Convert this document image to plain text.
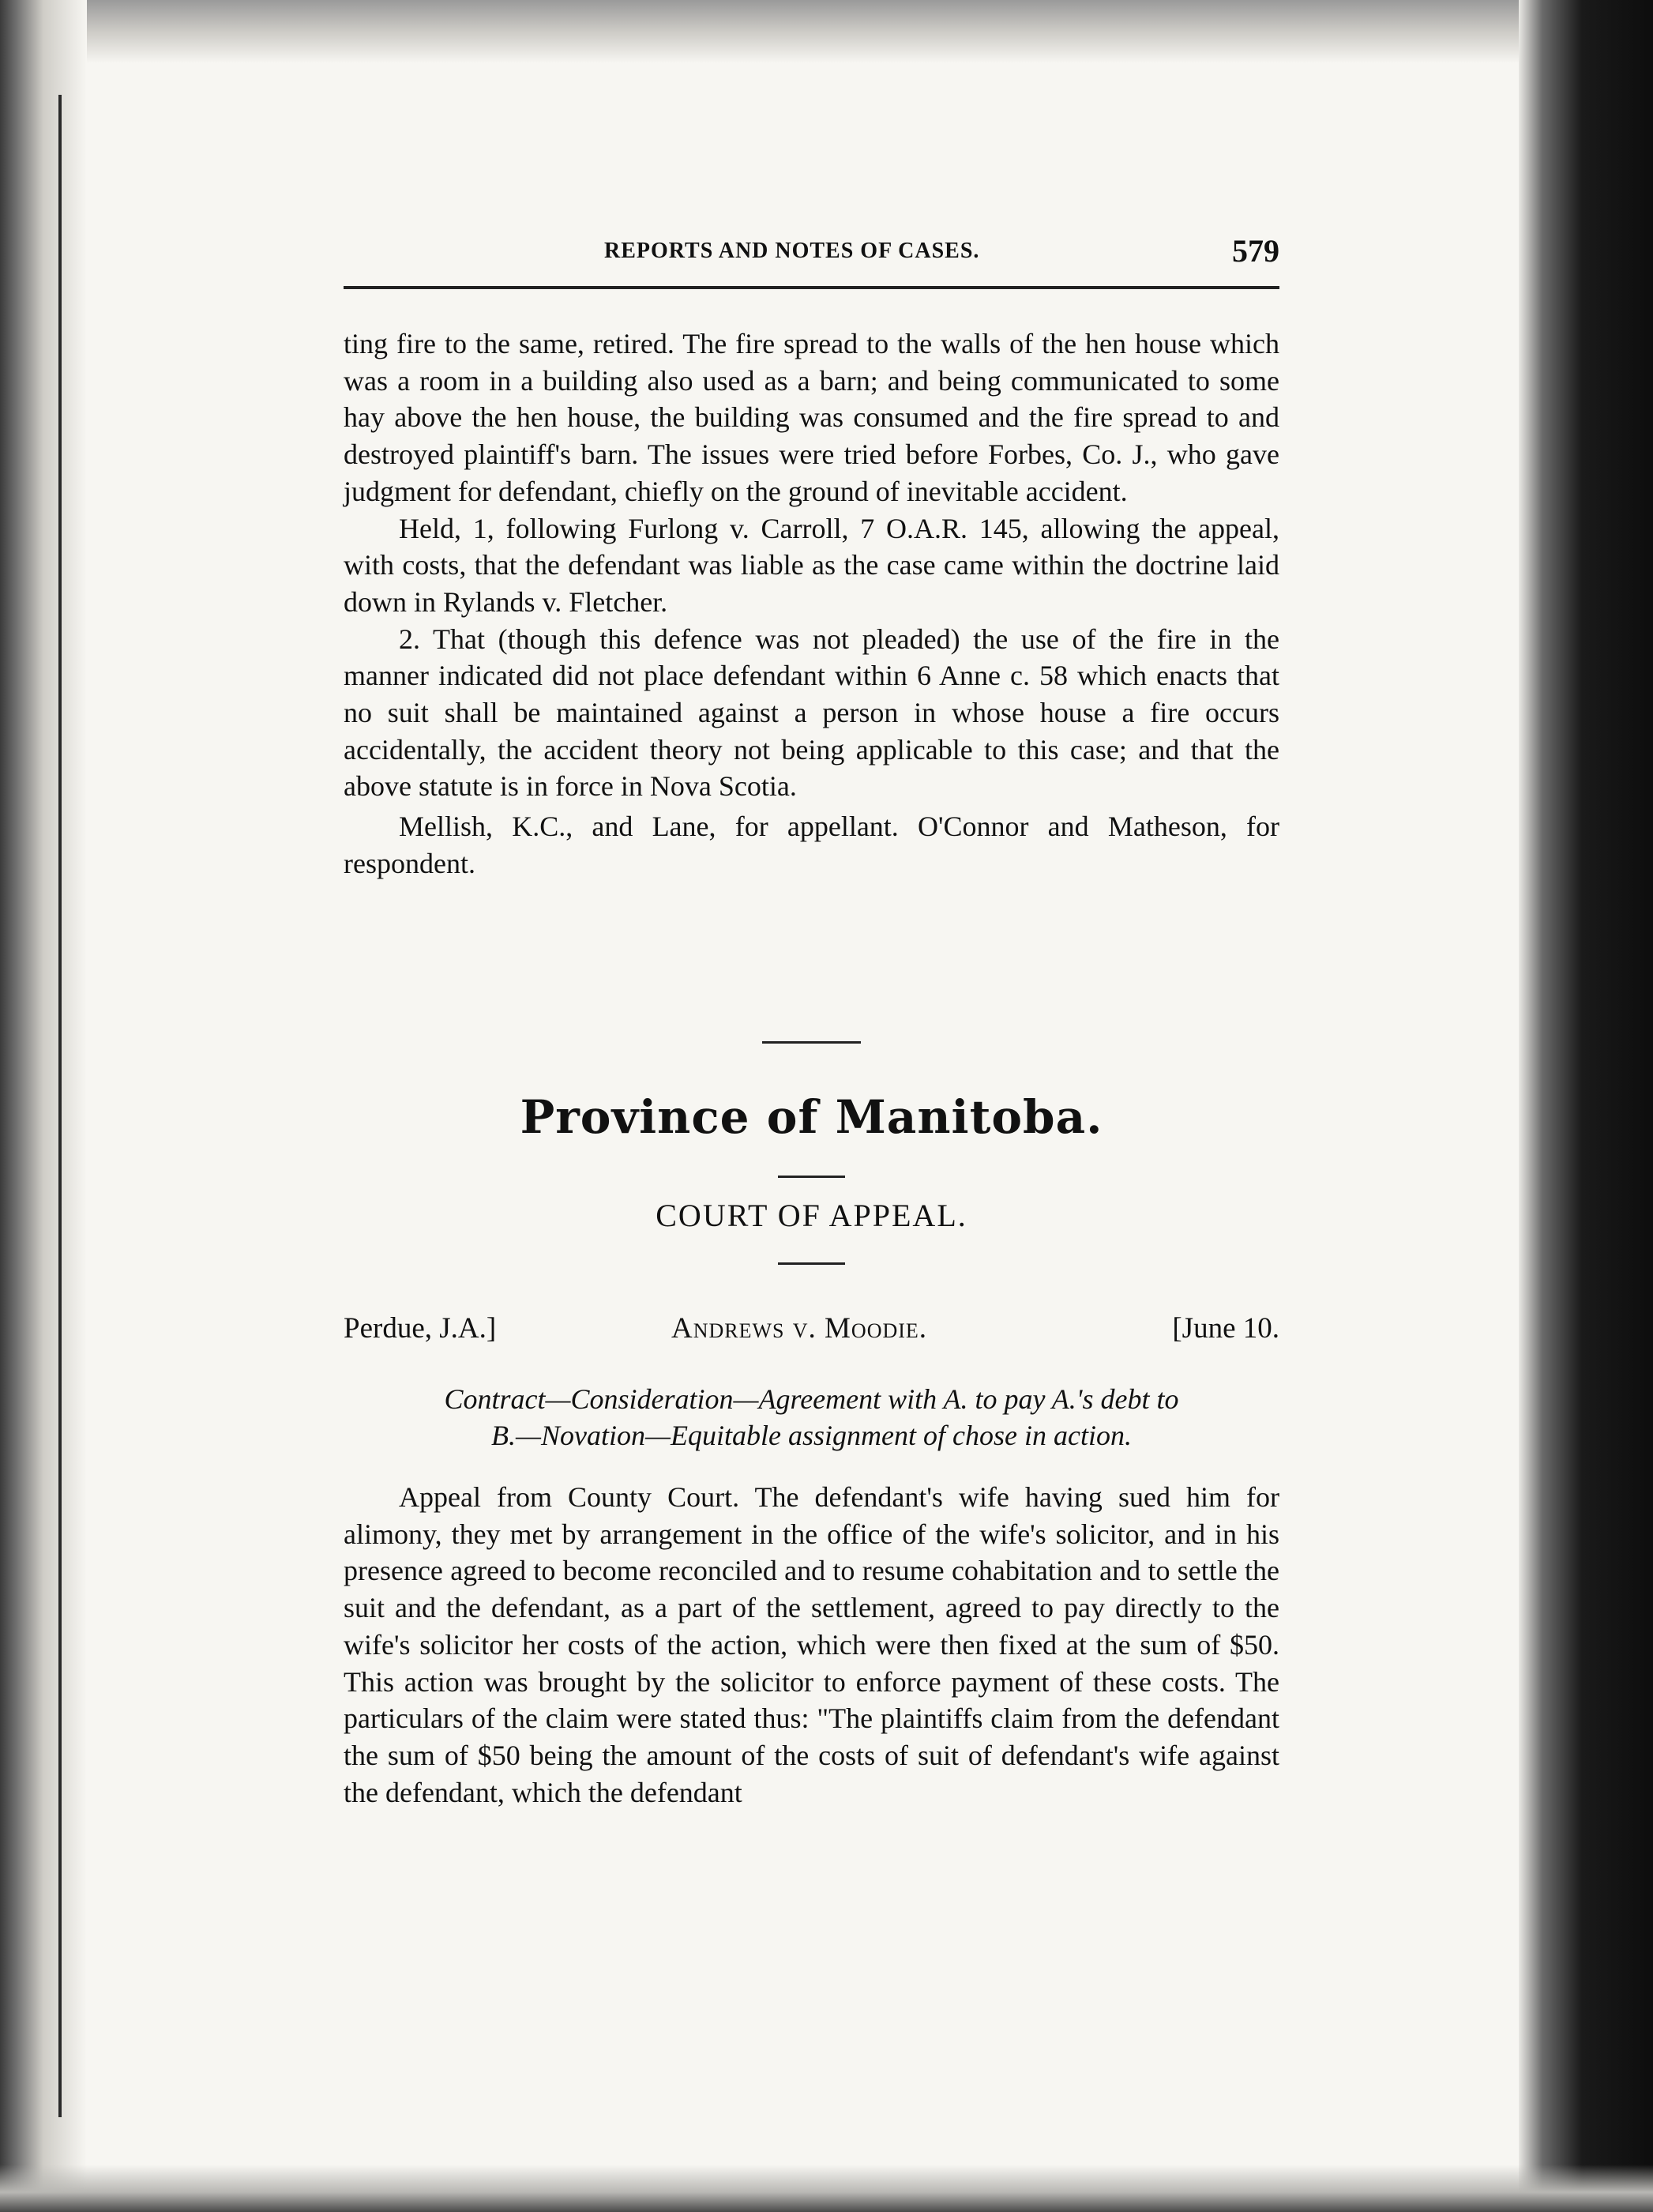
REPORTS AND NOTES OF CASES.	579

ting fire to the same, retired. The fire spread to the walls of the hen house which was a room in a building also used as a barn; and being communicated to some hay above the hen house, the building was consumed and the fire spread to and destroyed plaintiff's barn. The issues were tried before Forbes, Co. J., who gave judgment for defendant, chiefly on the ground of inevitable accident.

Held, 1, following Furlong v. Carroll, 7 O.A.R. 145, allowing the appeal, with costs, that the defendant was liable as the case came within the doctrine laid down in Rylands v. Fletcher.

2. That (though this defence was not pleaded) the use of the fire in the manner indicated did not place defendant within 6 Anne c. 58 which enacts that no suit shall be maintained against a person in whose house a fire occurs accidentally, the accident theory not being applicable to this case; and that the above statute is in force in Nova Scotia.

Mellish, K.C., and Lane, for appellant. O'Connor and Matheson, for respondent.

Province of Manitoba.
COURT OF APPEAL.
Perdue, J.A.]	Andrews v. Moodie.	[June 10.

Contract—Consideration—Agreement with A. to pay A.'s debt to

B.—Novation—Equitable assignment of chose in action.

Appeal from County Court. The defendant's wife having sued him for alimony, they met by arrangement in the office of the wife's solicitor, and in his presence agreed to become reconciled and to resume cohabitation and to settle the suit and the defendant, as a part of the settlement, agreed to pay directly to the wife's solicitor her costs of the action, which were then fixed at the sum of $50. This action was brought by the solicitor to enforce payment of these costs. The particulars of the claim were stated thus: "The plaintiffs claim from the defendant the sum of $50 being the amount of the costs of suit of defendant's wife against the defendant, which the defendant
